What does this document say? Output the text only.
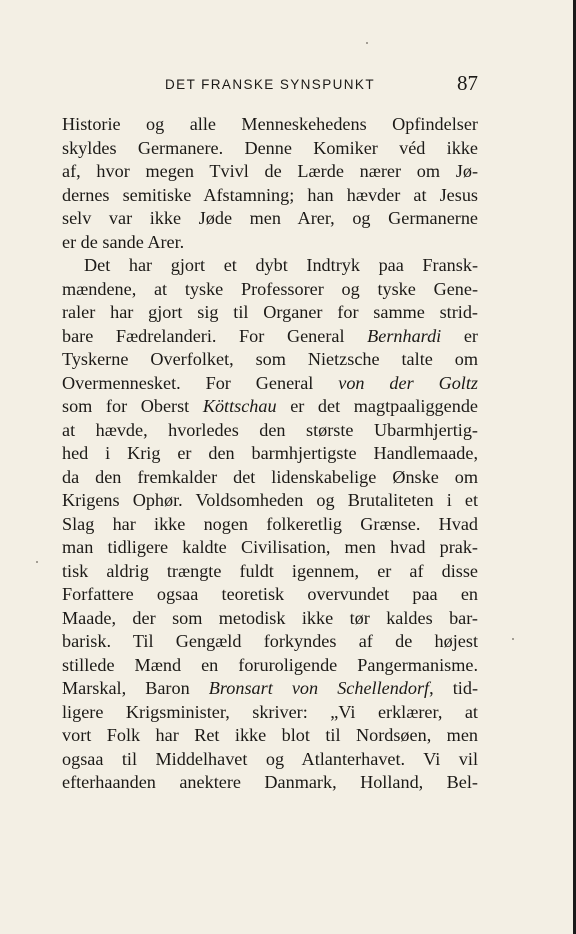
DET FRANSKE SYNSPUNKT	87
Historie og alle Menneskehedens Opfindelser
skyldes Germanere. Denne Komiker véd ikke
af, hvor megen Tvivl de Lærde nærer om Jø-
dernes semitiske Afstamning; han hævder at Jesus
selv var ikke Jøde men Arer, og Germanerne
er de sande Arer.
Det har gjort et dybt Indtryk paa Fransk-
mændene, at tyske Professorer og tyske Gene-
raler har gjort sig til Organer for samme strid-
bare Fædrelanderi. For General Bernhardi er
Tyskerne Overfolket, som Nietzsche talte om
Overmennesket. For General von der Goltz
som for Oberst Köttschau er det magtpaaliggende
at hævde, hvorledes den største Ubarmhjertig-
hed i Krig er den barmhjertigste Handlemaade,
da den fremkalder det lidenskabelige Ønske om
Krigens Ophør. Voldsomheden og Brutaliteten i et
Slag har ikke nogen folkeretlig Grænse. Hvad
man tidligere kaldte Civilisation, men hvad prak-
tisk aldrig trængte fuldt igennem, er af disse
Forfattere ogsaa teoretisk overvundet paa en
Maade, der som metodisk ikke tør kaldes bar-
barisk. Til Gengæld forkyndes af de højest
stillede Mænd en foruroligende Pangermanisme.
Marskal, Baron Bronsart von Schellendorf, tid-
ligere Krigsminister, skriver: „Vi erklærer, at
vort Folk har Ret ikke blot til Nordsøen, men
ogsaa til Middelhavet og Atlanterhavet. Vi vil
efterhaanden anektere Danmark, Holland, Bel-
